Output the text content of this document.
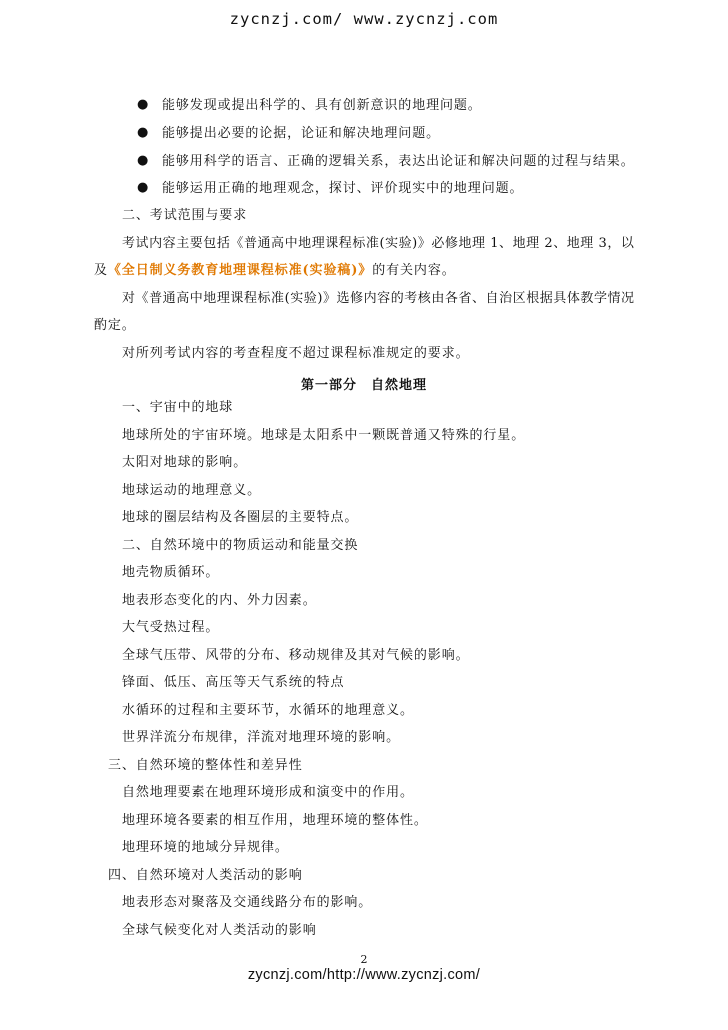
zycnzj.com/ www.zycnzj.com
● 能够发现或提出科学的、具有创新意识的地理问题。
● 能够提出必要的论据，论证和解决地理问题。
● 能够用科学的语言、正确的逻辑关系，表达出论证和解决问题的过程与结果。
● 能够运用正确的地理观念，探讨、评价现实中的地理问题。
二、考试范围与要求
考试内容主要包括《普通高中地理课程标准(实验)》必修地理 1、地理 2、地理 3，以
及《全日制义务教育地理课程标准(实验稿)》的有关内容。
对《普通高中地理课程标准(实验)》选修内容的考核由各省、自治区根据具体教学情况
酌定。
对所列考试内容的考查程度不超过课程标准规定的要求。
第一部分　自然地理
一、宇宙中的地球
地球所处的宇宙环境。地球是太阳系中一颗既普通又特殊的行星。
太阳对地球的影响。
地球运动的地理意义。
地球的圈层结构及各圈层的主要特点。
二、自然环境中的物质运动和能量交换
地壳物质循环。
地表形态变化的内、外力因素。
大气受热过程。
全球气压带、风带的分布、移动规律及其对气候的影响。
锋面、低压、高压等天气系统的特点
水循环的过程和主要环节，水循环的地理意义。
世界洋流分布规律，洋流对地理环境的影响。
三、自然环境的整体性和差异性
自然地理要素在地理环境形成和演变中的作用。
地理环境各要素的相互作用，地理环境的整体性。
地理环境的地域分异规律。
四、自然环境对人类活动的影响
地表形态对聚落及交通线路分布的影响。
全球气候变化对人类活动的影响
2
zycnzj.com/http://www.zycnzj.com/
